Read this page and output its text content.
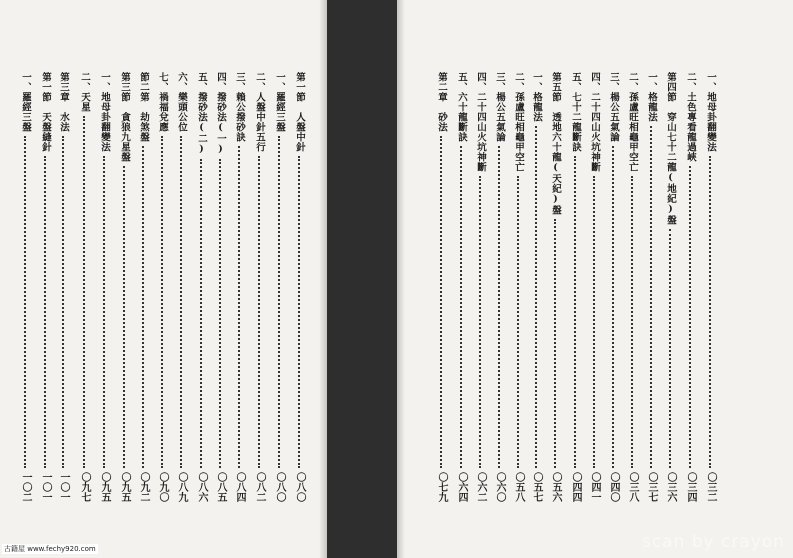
第一節　人盤中針
〇八〇
一、羅經三盤
〇八〇
二、人盤中針五行
〇八二
三、賴公撥砂訣
〇八四
四、撥砂法(一)
〇八五
五、撥砂法(二)
〇八六
六、樂頭公位
〇八九
七、禍福兌應
〇九〇
節二第　劫煞盤
〇九二
第三節　貪狼九星盤
〇九五
一、地母卦翻變法
〇九五
二、天星
〇九七
第三章　水法
一〇一
第一節　天盤縫針
一〇一
一、羅經三盤
一〇二
古籍屋 www.fechy920.com
一、地母卦翻變法
〇三二
二、土色專看龍過峽
〇三四
第四節　穿山七十二龍(地紀)盤
〇三六
一、格龍法
〇三七
二、孫盧旺相龜甲空亡
〇三八
三、楊公五氣論
〇四〇
四、二十四山火坑神斷
〇四一
五、七十二龍斷訣
〇四四
第五節　透地六十龍(天紀)盤
〇五六
一、格龍法
〇五七
二、孫盧旺相龜甲空亡
〇五八
三、楊公五氣論
〇六〇
四、二十四山火坑神斷
〇六二
五、六十龍斷訣
〇六四
第二章　砂法
〇七九
scan by crayon
